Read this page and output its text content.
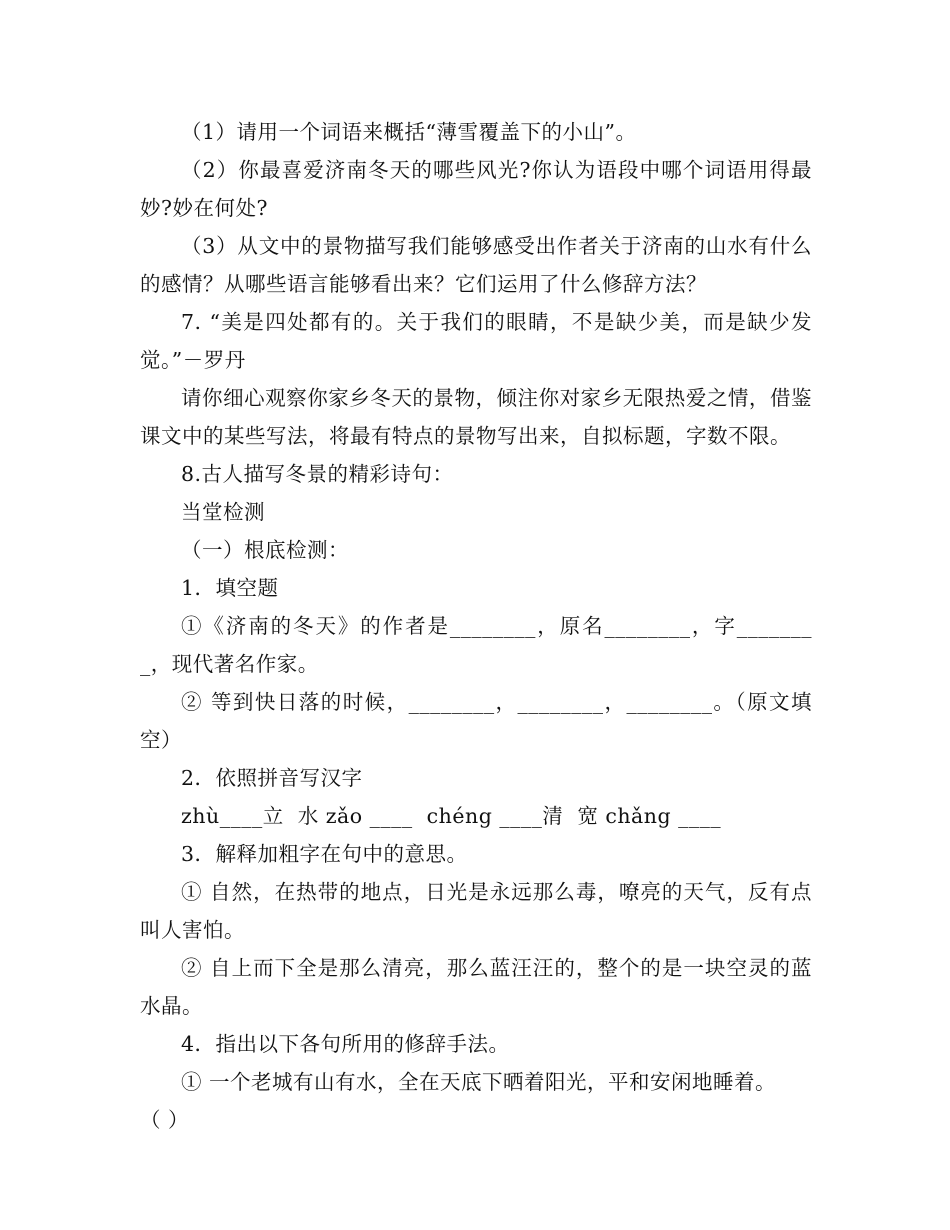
（1）请用一个词语来概括“薄雪覆盖下的小山”。

（2）你最喜爱济南冬天的哪些风光?你认为语段中哪个词语用得最妙?妙在何处?

（3）从文中的景物描写我们能够感受出作者关于济南的山水有什么的感情？从哪些语言能够看出来？它们运用了什么修辞方法？

7. “美是四处都有的。关于我们的眼睛，不是缺少美，而是缺少发觉。”－罗丹

请你细心观察你家乡冬天的景物，倾注你对家乡无限热爱之情，借鉴课文中的某些写法，将最有特点的景物写出来，自拟标题，字数不限。

8.古人描写冬景的精彩诗句：

当堂检测

（一）根底检测：

1．填空题

①《济南的冬天》的作者是________，原名________，字________，现代著名作家。

② 等到快日落的时候，________，________，________。（原文填空）

2．依照拼音写汉字

zhù____立  水 zǎo ____  chéng ____清  宽 chǎng ____

3．解释加粗字在句中的意思。

① 自然，在热带的地点，日光是永远那么毒，嘹亮的天气，反有点叫人害怕。

② 自上而下全是那么清亮，那么蓝汪汪的，整个的是一块空灵的蓝水晶。

4．指出以下各句所用的修辞手法。

① 一个老城有山有水，全在天底下晒着阳光，平和安闲地睡着。

（ ）
